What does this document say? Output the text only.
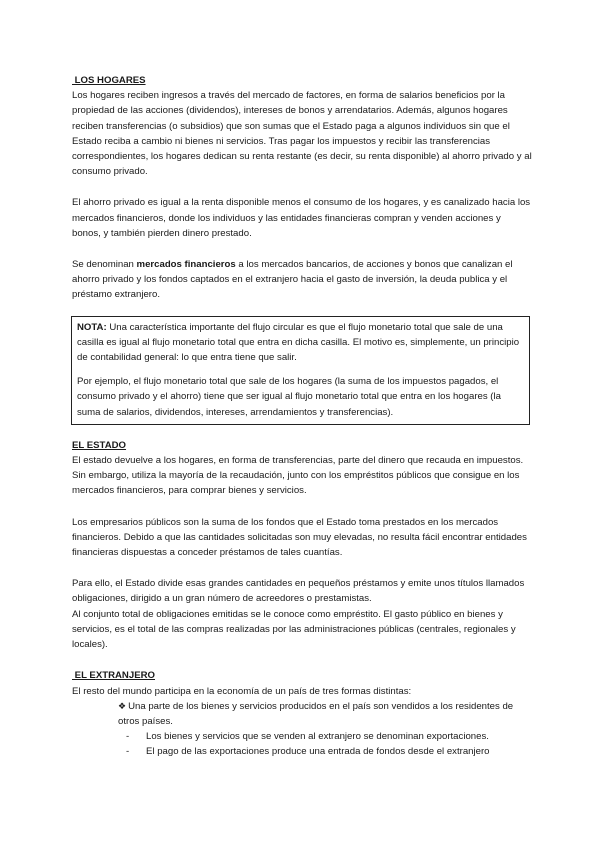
LOS HOGARES

Los hogares reciben ingresos a través del mercado de factores, en forma de salarios beneficios por la propiedad de las acciones (dividendos), intereses de bonos y arrendatarios. Además, algunos hogares reciben transferencias (o subsidios) que son sumas que el Estado paga a algunos individuos sin que el Estado reciba a cambio ni bienes ni servicios. Tras pagar los impuestos y recibir las transferencias correspondientes, los hogares dedican su renta restante (es decir, su renta disponible) al ahorro privado y al consumo privado.

El ahorro privado es igual a la renta disponible menos el consumo de los hogares, y es canalizado hacia los mercados financieros, donde los individuos y las entidades financieras compran y venden acciones y bonos, y también pierden dinero prestado.

Se denominan mercados financieros a los mercados bancarios, de acciones y bonos que canalizan el ahorro privado y los fondos captados en el extranjero hacia el gasto de inversión, la deuda publica y el préstamo extranjero.

NOTA: Una característica importante del flujo circular es que el flujo monetario total que sale de una casilla es igual al flujo monetario total que entra en dicha casilla. El motivo es, simplemente, un principio de contabilidad general: lo que entra tiene que salir.

Por ejemplo, el flujo monetario total que sale de los hogares (la suma de los impuestos pagados, el consumo privado y el ahorro) tiene que ser igual al flujo monetario total que entra en los hogares (la suma de salarios, dividendos, intereses, arrendamientos y transferencias).

EL ESTADO

El estado devuelve a los hogares, en forma de transferencias, parte del dinero que recauda en impuestos. Sin embargo, utiliza la mayoría de la recaudación, junto con los empréstitos públicos que consigue en los mercados financieros, para comprar bienes y servicios.

Los empresarios públicos son la suma de los fondos que el Estado toma prestados en los mercados financieros. Debido a que las cantidades solicitadas son muy elevadas, no resulta fácil encontrar entidades financieras dispuestas a conceder préstamos de tales cuantías.

Para ello, el Estado divide esas grandes cantidades en pequeños préstamos y emite unos títulos llamados obligaciones, dirigido a un gran número de acreedores o prestamistas.

Al conjunto total de obligaciones emitidas se le conoce como empréstito. El gasto público en bienes y servicios, es el total de las compras realizadas por las administraciones públicas (centrales, regionales y locales).

EL EXTRANJERO

El resto del mundo participa en la economía de un país de tres formas distintas:

❖ Una parte de los bienes y servicios producidos en el país son vendidos a los residentes de otros países.

- Los bienes y servicios que se venden al extranjero se denominan exportaciones.
- El pago de las exportaciones produce una entrada de fondos desde el extranjero
